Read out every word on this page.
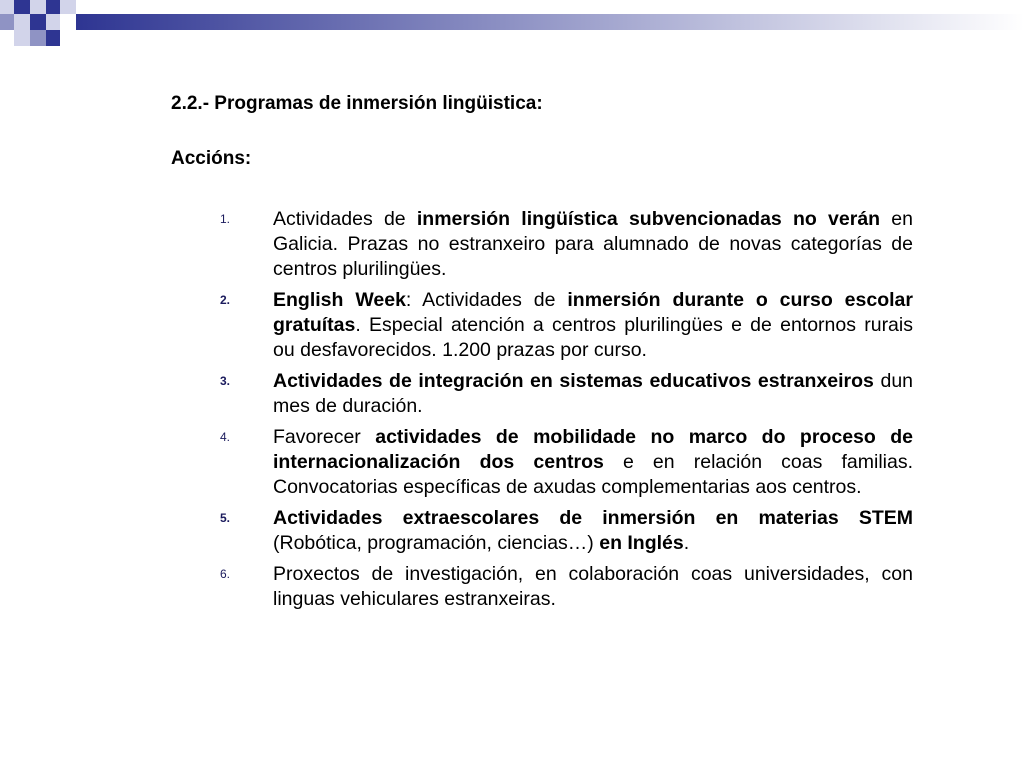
2.2.- Programas de inmersión lingüistica:
Accións:
1. Actividades de inmersión lingüística subvencionadas no verán en Galicia. Prazas no estranxeiro para alumnado de novas categorías de centros plurilingües.
2. English Week: Actividades de inmersión durante o curso escolar gratuítas. Especial atención a centros plurilingües e de entornos rurais ou desfavorecidos. 1.200 prazas por curso.
3. Actividades de integración en sistemas educativos estranxeiros dun mes de duración.
4. Favorecer actividades de mobilidade no marco do proceso de internacionalización dos centros e en relación coas familias. Convocatorias específicas de axudas complementarias aos centros.
5. Actividades extraescolares de inmersión en materias STEM (Robótica, programación, ciencias…) en Inglés.
6. Proxectos de investigación, en colaboración coas universidades, con linguas vehiculares estranxeiras.
